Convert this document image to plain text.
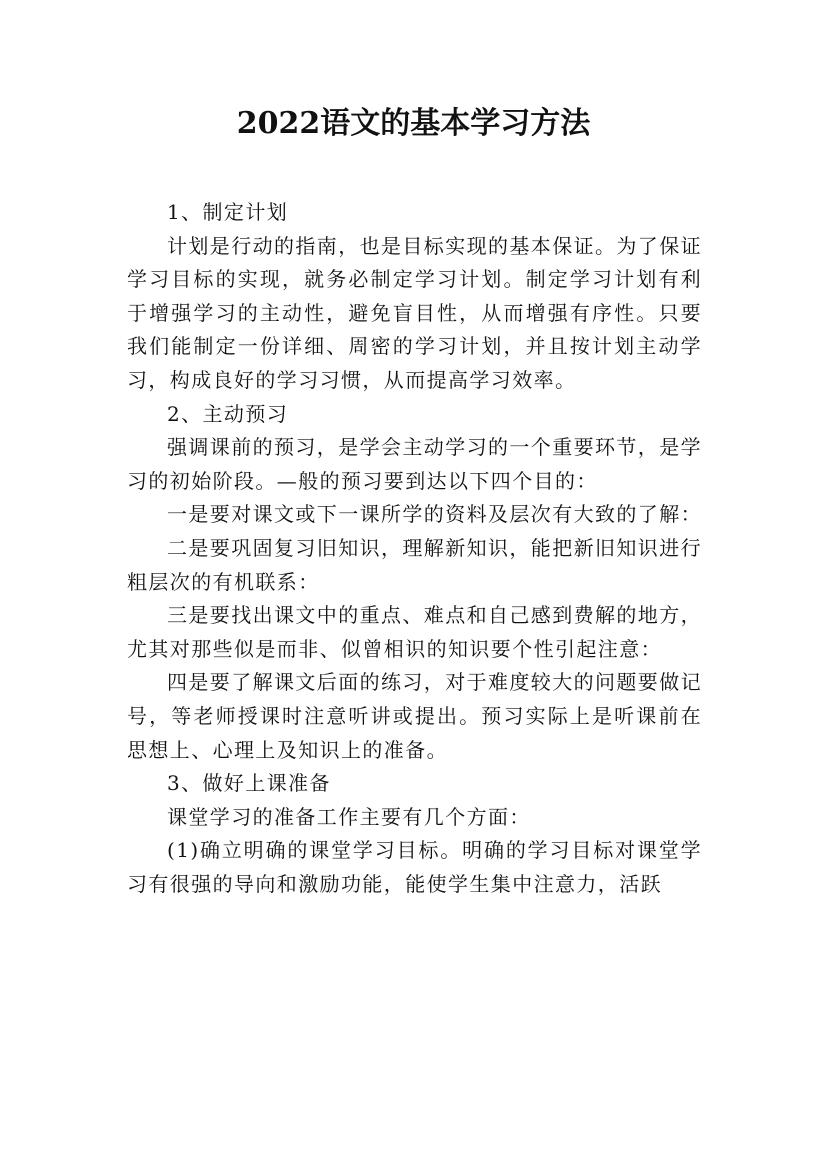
2022语文的基本学习方法

1、制定计划

计划是行动的指南，也是目标实现的基本保证。为了保证学习目标的实现，就务必制定学习计划。制定学习计划有利于增强学习的主动性，避免盲目性，从而增强有序性。只要我们能制定一份详细、周密的学习计划，并且按计划主动学习，构成良好的学习习惯，从而提高学习效率。

2、主动预习

强调课前的预习，是学会主动学习的一个重要环节，是学习的初始阶段。—般的预习要到达以下四个目的：

一是要对课文或下一课所学的资料及层次有大致的了解：

二是要巩固复习旧知识，理解新知识，能把新旧知识进行粗层次的有机联系：

三是要找出课文中的重点、难点和自己感到费解的地方，尤其对那些似是而非、似曾相识的知识要个性引起注意：

四是要了解课文后面的练习，对于难度较大的问题要做记号，等老师授课时注意听讲或提出。预习实际上是听课前在思想上、心理上及知识上的准备。

3、做好上课准备

课堂学习的准备工作主要有几个方面：

(1)确立明确的课堂学习目标。明确的学习目标对课堂学习有很强的导向和激励功能，能使学生集中注意力，活跃
